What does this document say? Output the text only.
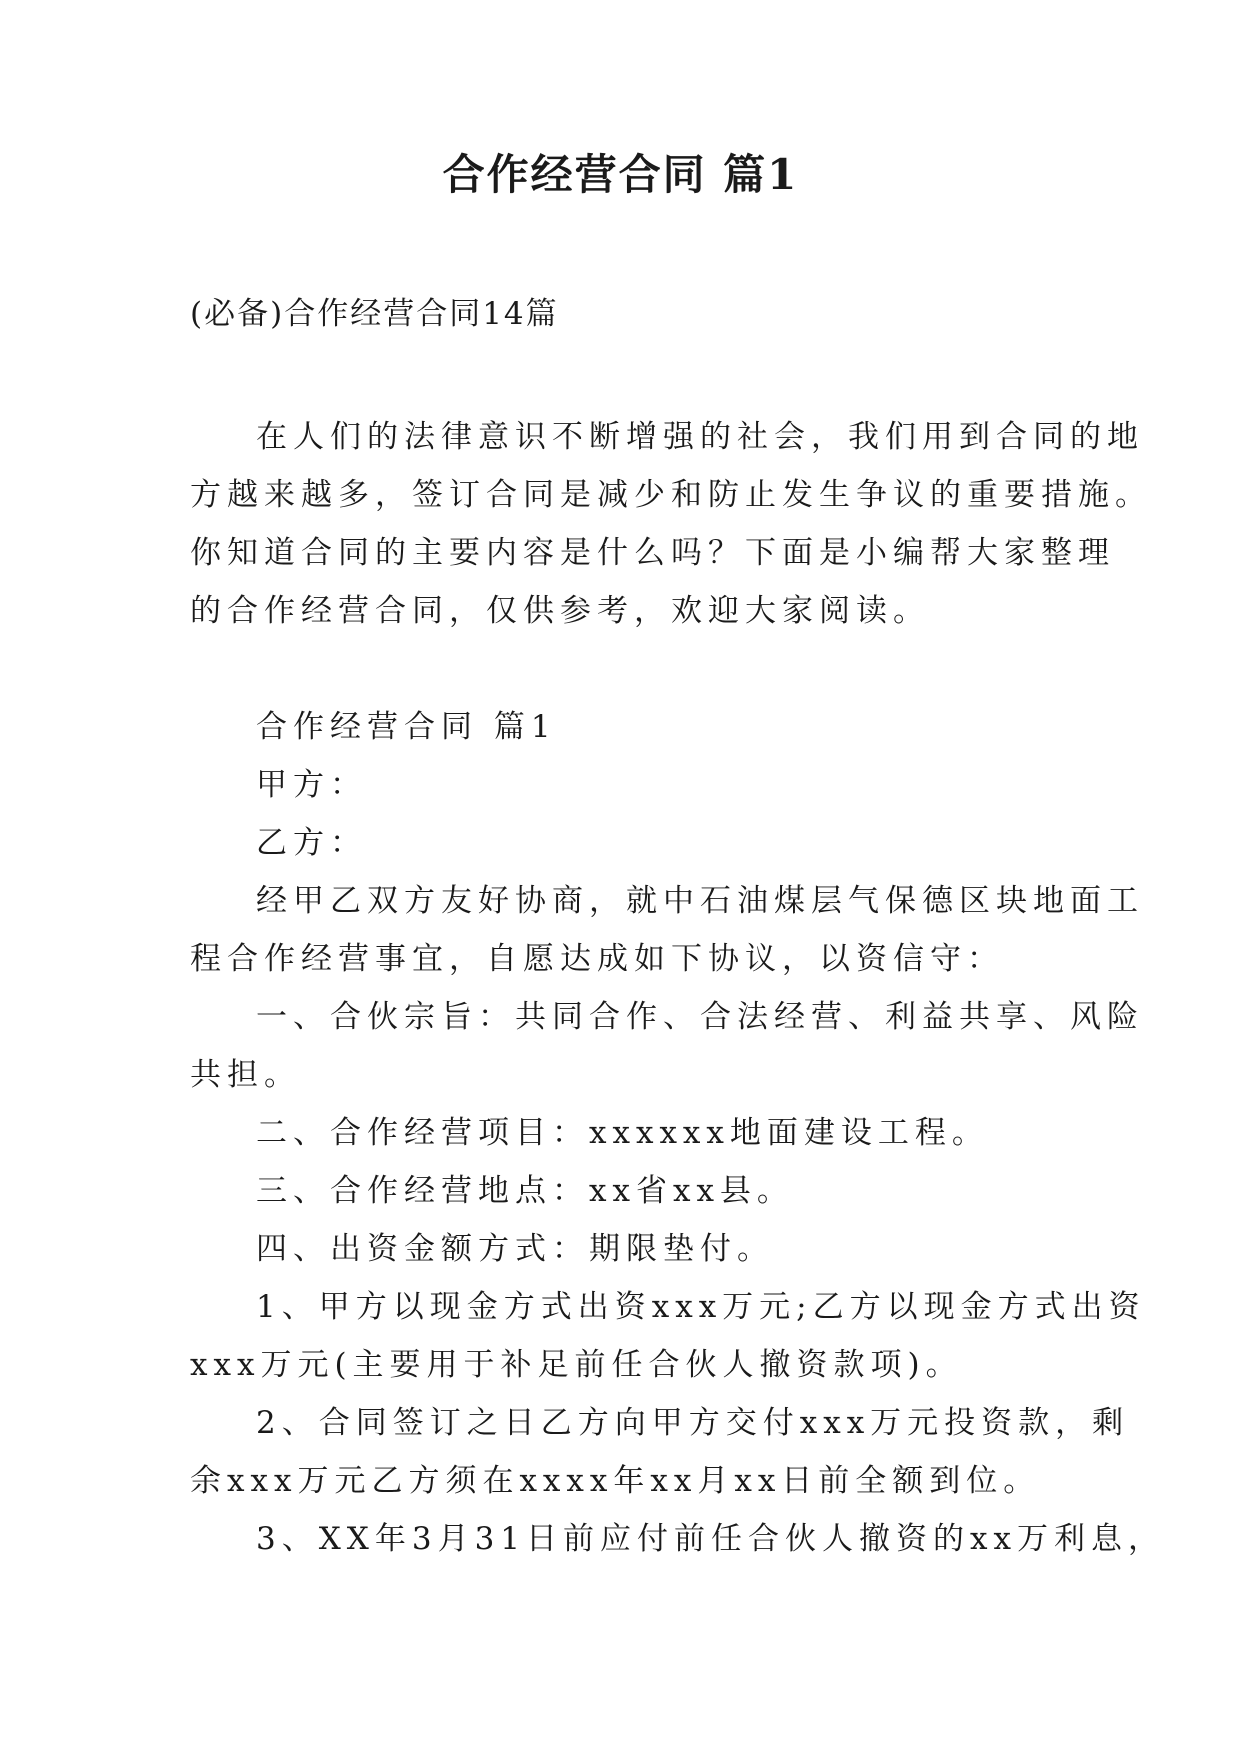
合作经营合同 篇1
(必备)合作经营合同14篇
在人们的法律意识不断增强的社会，我们用到合同的地
方越来越多，签订合同是减少和防止发生争议的重要措施。
你知道合同的主要内容是什么吗？下面是小编帮大家整理
的合作经营合同，仅供参考，欢迎大家阅读。
合作经营合同 篇1
甲方：
乙方：
经甲乙双方友好协商，就中石油煤层气保德区块地面工
程合作经营事宜，自愿达成如下协议，以资信守：
一、合伙宗旨：共同合作、合法经营、利益共享、风险
共担。
二、合作经营项目：xxxxxx地面建设工程。
三、合作经营地点：xx省xx县。
四、出资金额方式：期限垫付。
1、甲方以现金方式出资xxx万元;乙方以现金方式出资
xxx万元(主要用于补足前任合伙人撤资款项)。
2、合同签订之日乙方向甲方交付xxx万元投资款，剩
余xxx万元乙方须在xxxx年xx月xx日前全额到位。
3、XX年3月31日前应付前任合伙人撤资的xx万利息，
